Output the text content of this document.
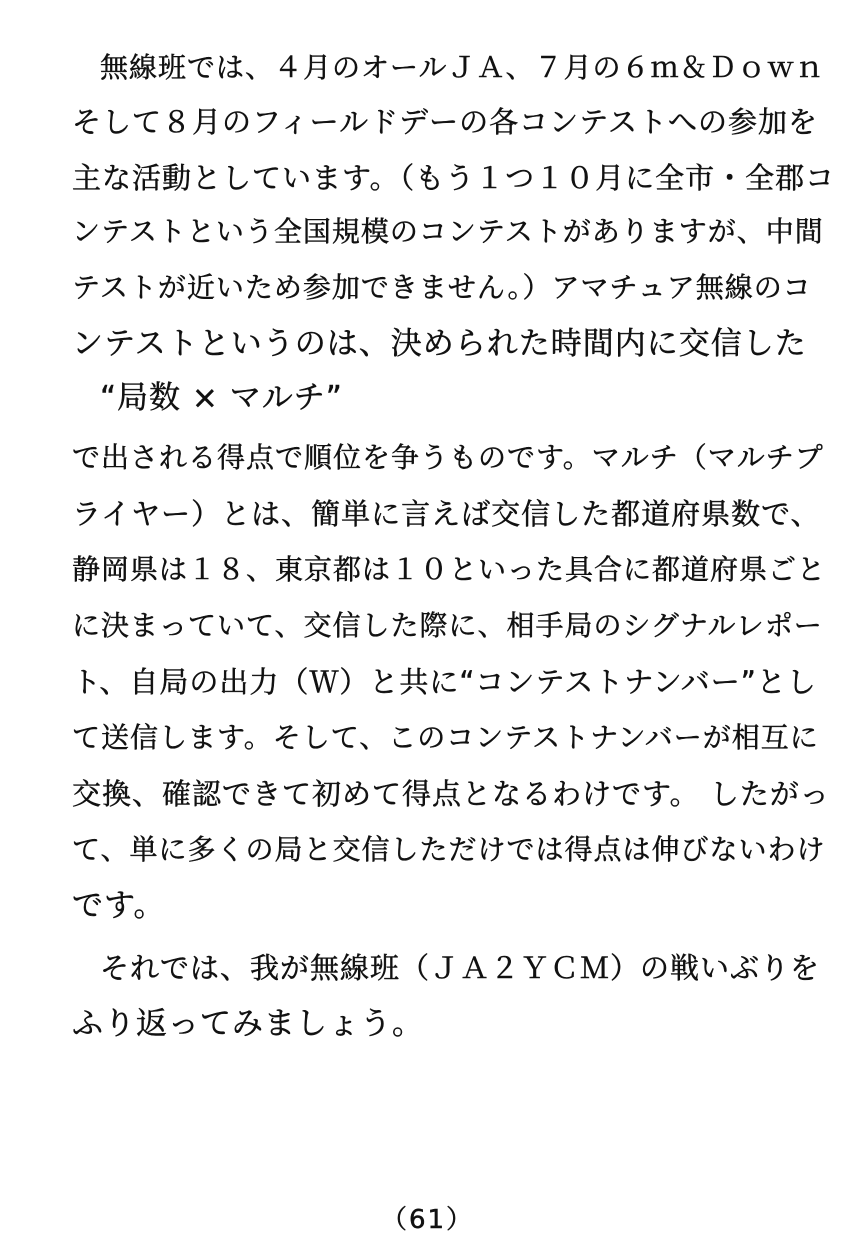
無線班では、４月のオールＪＡ、７月の６ｍ＆Ｄｏｗｎ
そして８月のフィールドデーの各コンテストへの参加を
主な活動としています。（もう１つ１０月に全市・全郡コ
ンテストという全国規模のコンテストがありますが、中間
テストが近いため参加できません。）アマチュア無線のコ
ンテストというのは、決められた時間内に交信した
“局数 × マルチ”
で出される得点で順位を争うものです。マルチ（マルチプ
ライヤー）とは、簡単に言えば交信した都道府県数で、
静岡県は１８、東京都は１０といった具合に都道府県ごと
に決まっていて、交信した際に、相手局のシグナルレポー
ト、自局の出力（Ｗ）と共に“コンテストナンバー”とし
て送信します。そして、このコンテストナンバーが相互に
交換、確認できて初めて得点となるわけです。 したがっ
て、単に多くの局と交信しただけでは得点は伸びないわけ
です。
それでは、我が無線班（ＪＡ２ＹＣＭ）の戦いぶりを
ふり返ってみましょう。
（61）
